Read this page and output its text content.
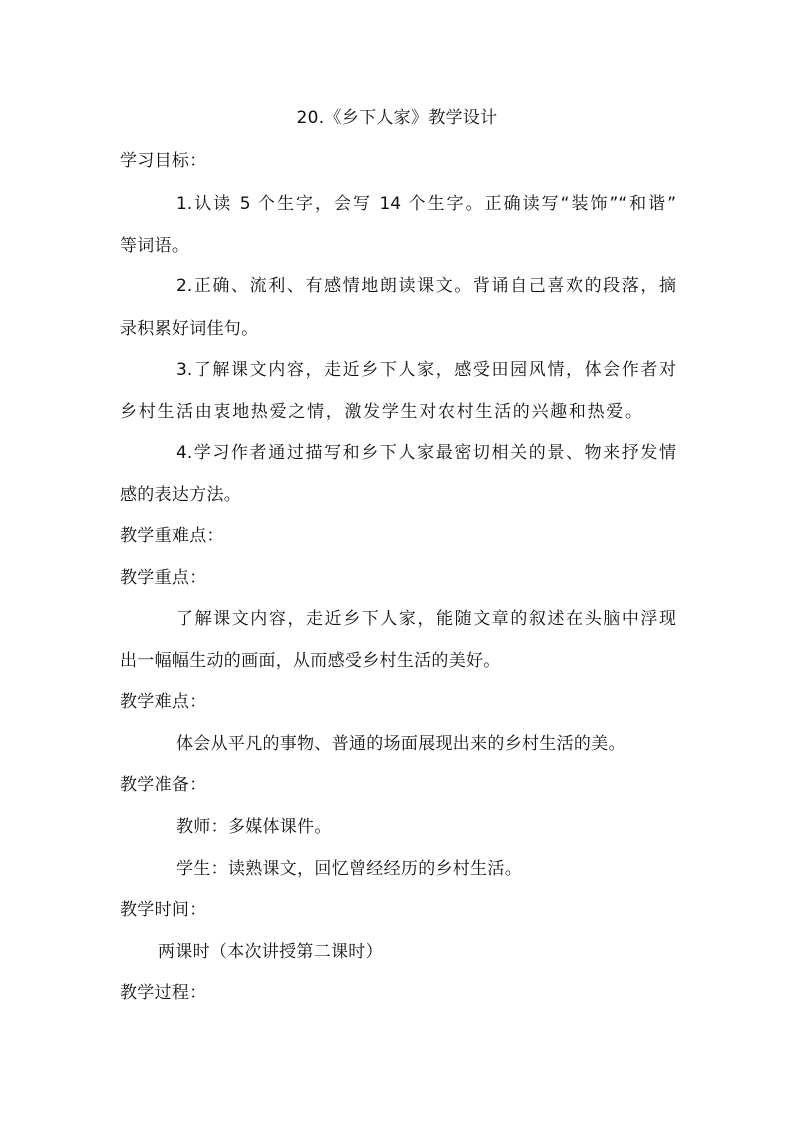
20.《乡下人家》教学设计
学习目标：
1.认读 5 个生字，会写 14 个生字。正确读写“装饰”“和谐”
等词语。
2.正确、流利、有感情地朗读课文。背诵自己喜欢的段落，摘
录积累好词佳句。
3.了解课文内容，走近乡下人家，感受田园风情，体会作者对
乡村生活由衷地热爱之情，激发学生对农村生活的兴趣和热爱。
4.学习作者通过描写和乡下人家最密切相关的景、物来抒发情
感的表达方法。
教学重难点：
教学重点：
了解课文内容，走近乡下人家，能随文章的叙述在头脑中浮现
出一幅幅生动的画面，从而感受乡村生活的美好。
教学难点：
体会从平凡的事物、普通的场面展现出来的乡村生活的美。
教学准备：
教师：多媒体课件。
学生：读熟课文，回忆曾经经历的乡村生活。
教学时间：
两课时（本次讲授第二课时）
教学过程：
